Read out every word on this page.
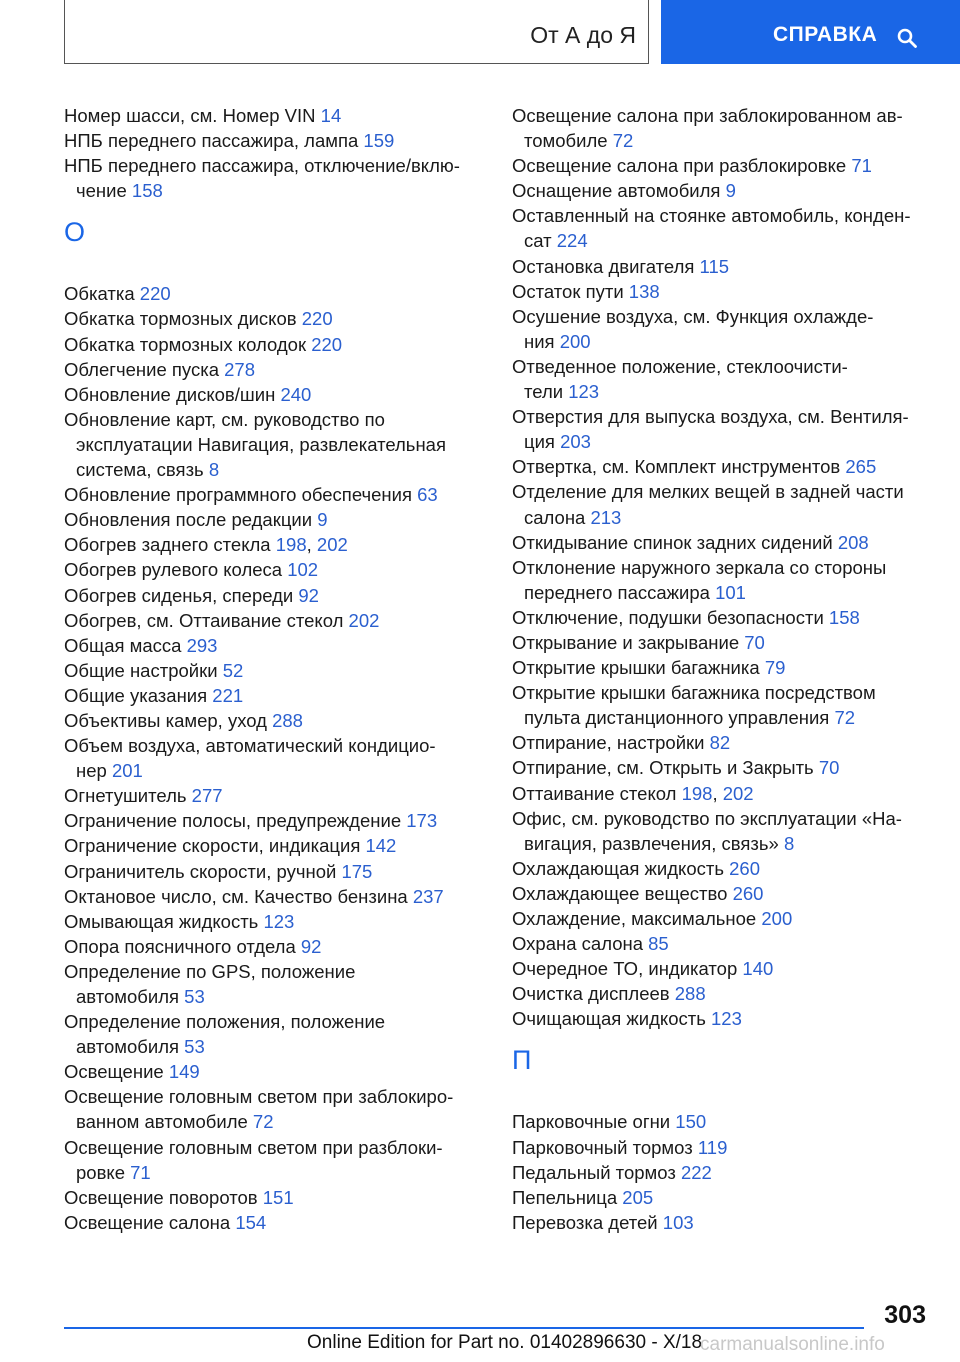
От А до Я	СПРАВКА
Номер шасси, см. Номер VIN 14
НПБ переднего пассажира, лампа 159
НПБ переднего пассажира, отключение/вклю-
чение 158
О
Обкатка 220
Обкатка тормозных дисков 220
Обкатка тормозных колодок 220
Облегчение пуска 278
Обновление дисков/шин 240
Обновление карт, см. руководство по
эксплуатации Навигация, развлекательная
система, связь 8
Обновление программного обеспечения 63
Обновления после редакции 9
Обогрев заднего стекла 198, 202
Обогрев рулевого колеса 102
Обогрев сиденья, спереди 92
Обогрев, см. Оттаивание стекол 202
Общая масса 293
Общие настройки 52
Общие указания 221
Объективы камер, уход 288
Объем воздуха, автоматический кондицио-
нер 201
Огнетушитель 277
Ограничение полосы, предупреждение 173
Ограничение скорости, индикация 142
Ограничитель скорости, ручной 175
Октановое число, см. Качество бензина 237
Омывающая жидкость 123
Опора поясничного отдела 92
Определение по GPS, положение
автомобиля 53
Определение положения, положение
автомобиля 53
Освещение 149
Освещение головным светом при заблокиро-
ванном автомобиле 72
Освещение головным светом при разблоки-
ровке 71
Освещение поворотов 151
Освещение салона 154
Освещение салона при заблокированном ав-
томобиле 72
Освещение салона при разблокировке 71
Оснащение автомобиля 9
Оставленный на стоянке автомобиль, конден-
сат 224
Остановка двигателя 115
Остаток пути 138
Осушение воздуха, см. Функция охлажде-
ния 200
Отведенное положение, стеклоочисти-
тели 123
Отверстия для выпуска воздуха, см. Вентиля-
ция 203
Отвертка, см. Комплект инструментов 265
Отделение для мелких вещей в задней части
салона 213
Откидывание спинок задних сидений 208
Отклонение наружного зеркала со стороны
переднего пассажира 101
Отключение, подушки безопасности 158
Открывание и закрывание 70
Открытие крышки багажника 79
Открытие крышки багажника посредством
пульта дистанционного управления 72
Отпирание, настройки 82
Отпирание, см. Открыть и Закрыть 70
Оттаивание стекол 198, 202
Офис, см. руководство по эксплуатации «На-
вигация, развлечения, связь» 8
Охлаждающая жидкость 260
Охлаждающее вещество 260
Охлаждение, максимальное 200
Охрана салона 85
Очередное ТО, индикатор 140
Очистка дисплеев 288
Очищающая жидкость 123
П
Парковочные огни 150
Парковочный тормоз 119
Педальный тормоз 222
Пепельница 205
Перевозка детей 103
303
Online Edition for Part no. 01402896630 - X/18
carmanualsonline.info
